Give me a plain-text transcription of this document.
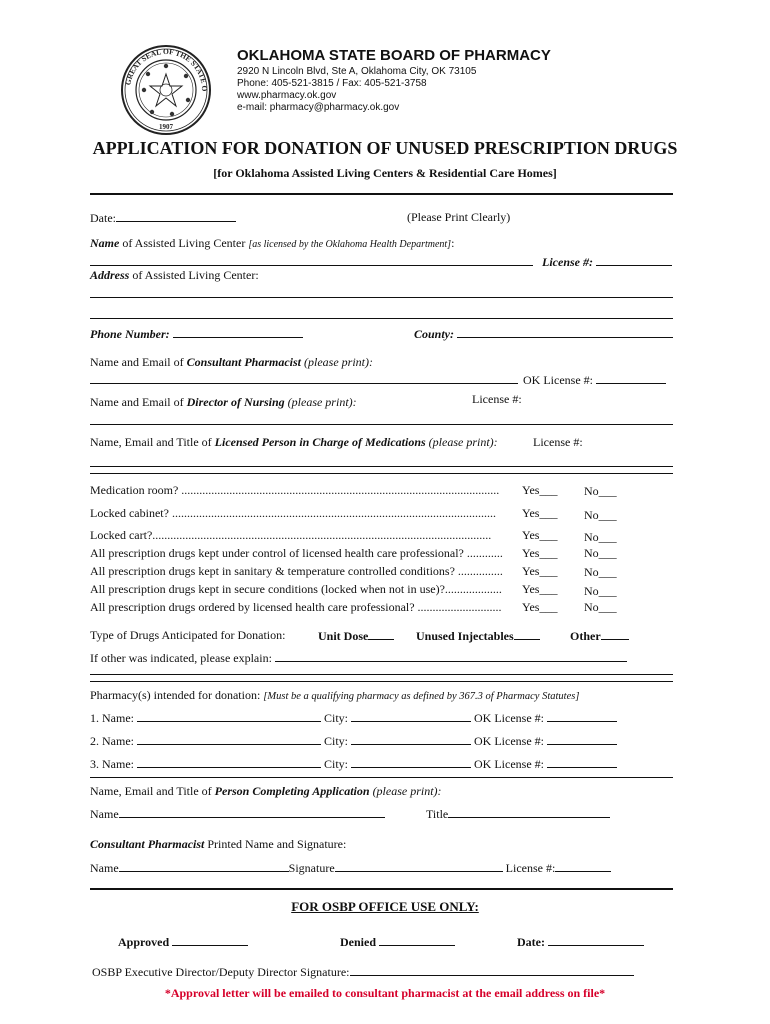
GREAT SEAL OF THE STATE O
1907
OKLAHOMA STATE BOARD OF PHARMACY
2920 N Lincoln Blvd, Ste A, Oklahoma City, OK 73105
Phone: 405-521-3815 / Fax: 405-521-3758
www.pharmacy.ok.gov
e-mail: pharmacy@pharmacy.ok.gov
APPLICATION FOR DONATION OF UNUSED PRESCRIPTION DRUGS
[for Oklahoma Assisted Living Centers & Residential Care Homes]
Date:	(Please Print Clearly)
Name of Assisted Living Center [as licensed by the Oklahoma Health Department]:
License #:
Address of Assisted Living Center:
Phone Number:	County:
Name and Email of Consultant Pharmacist (please print):
OK License #:
Name and Email of Director of Nursing (please print):	License #:
Name, Email and Title of Licensed Person in Charge of Medications (please print):	License #:
Medication room? ..........................................................................................................	Yes___ No___
Locked cabinet? ............................................................................................................	Yes___ No___
Locked cart?.................................................................................................................	Yes___ No___
All prescription drugs kept under control of licensed health care professional? ............	Yes___ No___
All prescription drugs kept in sanitary & temperature controlled conditions? ...............	Yes___ No___
All prescription drugs kept in secure conditions (locked when not in use)?...................	Yes___ No___
All prescription drugs ordered by licensed health care professional? ............................	Yes___ No___
Type of Drugs Anticipated for Donation:	Unit Dose	Unused Injectables	Other
If other was indicated, please explain:
Pharmacy(s) intended for donation: [Must be a qualifying pharmacy as defined by 367.3 of Pharmacy Statutes]
1. Name:	City:	OK License #:
2. Name:	City:	OK License #:
3. Name:	City:	OK License #:
Name, Email and Title of Person Completing Application (please print):
Name	Title
Consultant Pharmacist Printed Name and Signature:
Name	Signature	License #:
FOR OSBP OFFICE USE ONLY:
Approved	Denied	Date:
OSBP Executive Director/Deputy Director Signature:
*Approval letter will be emailed to consultant pharmacist at the email address on file*
